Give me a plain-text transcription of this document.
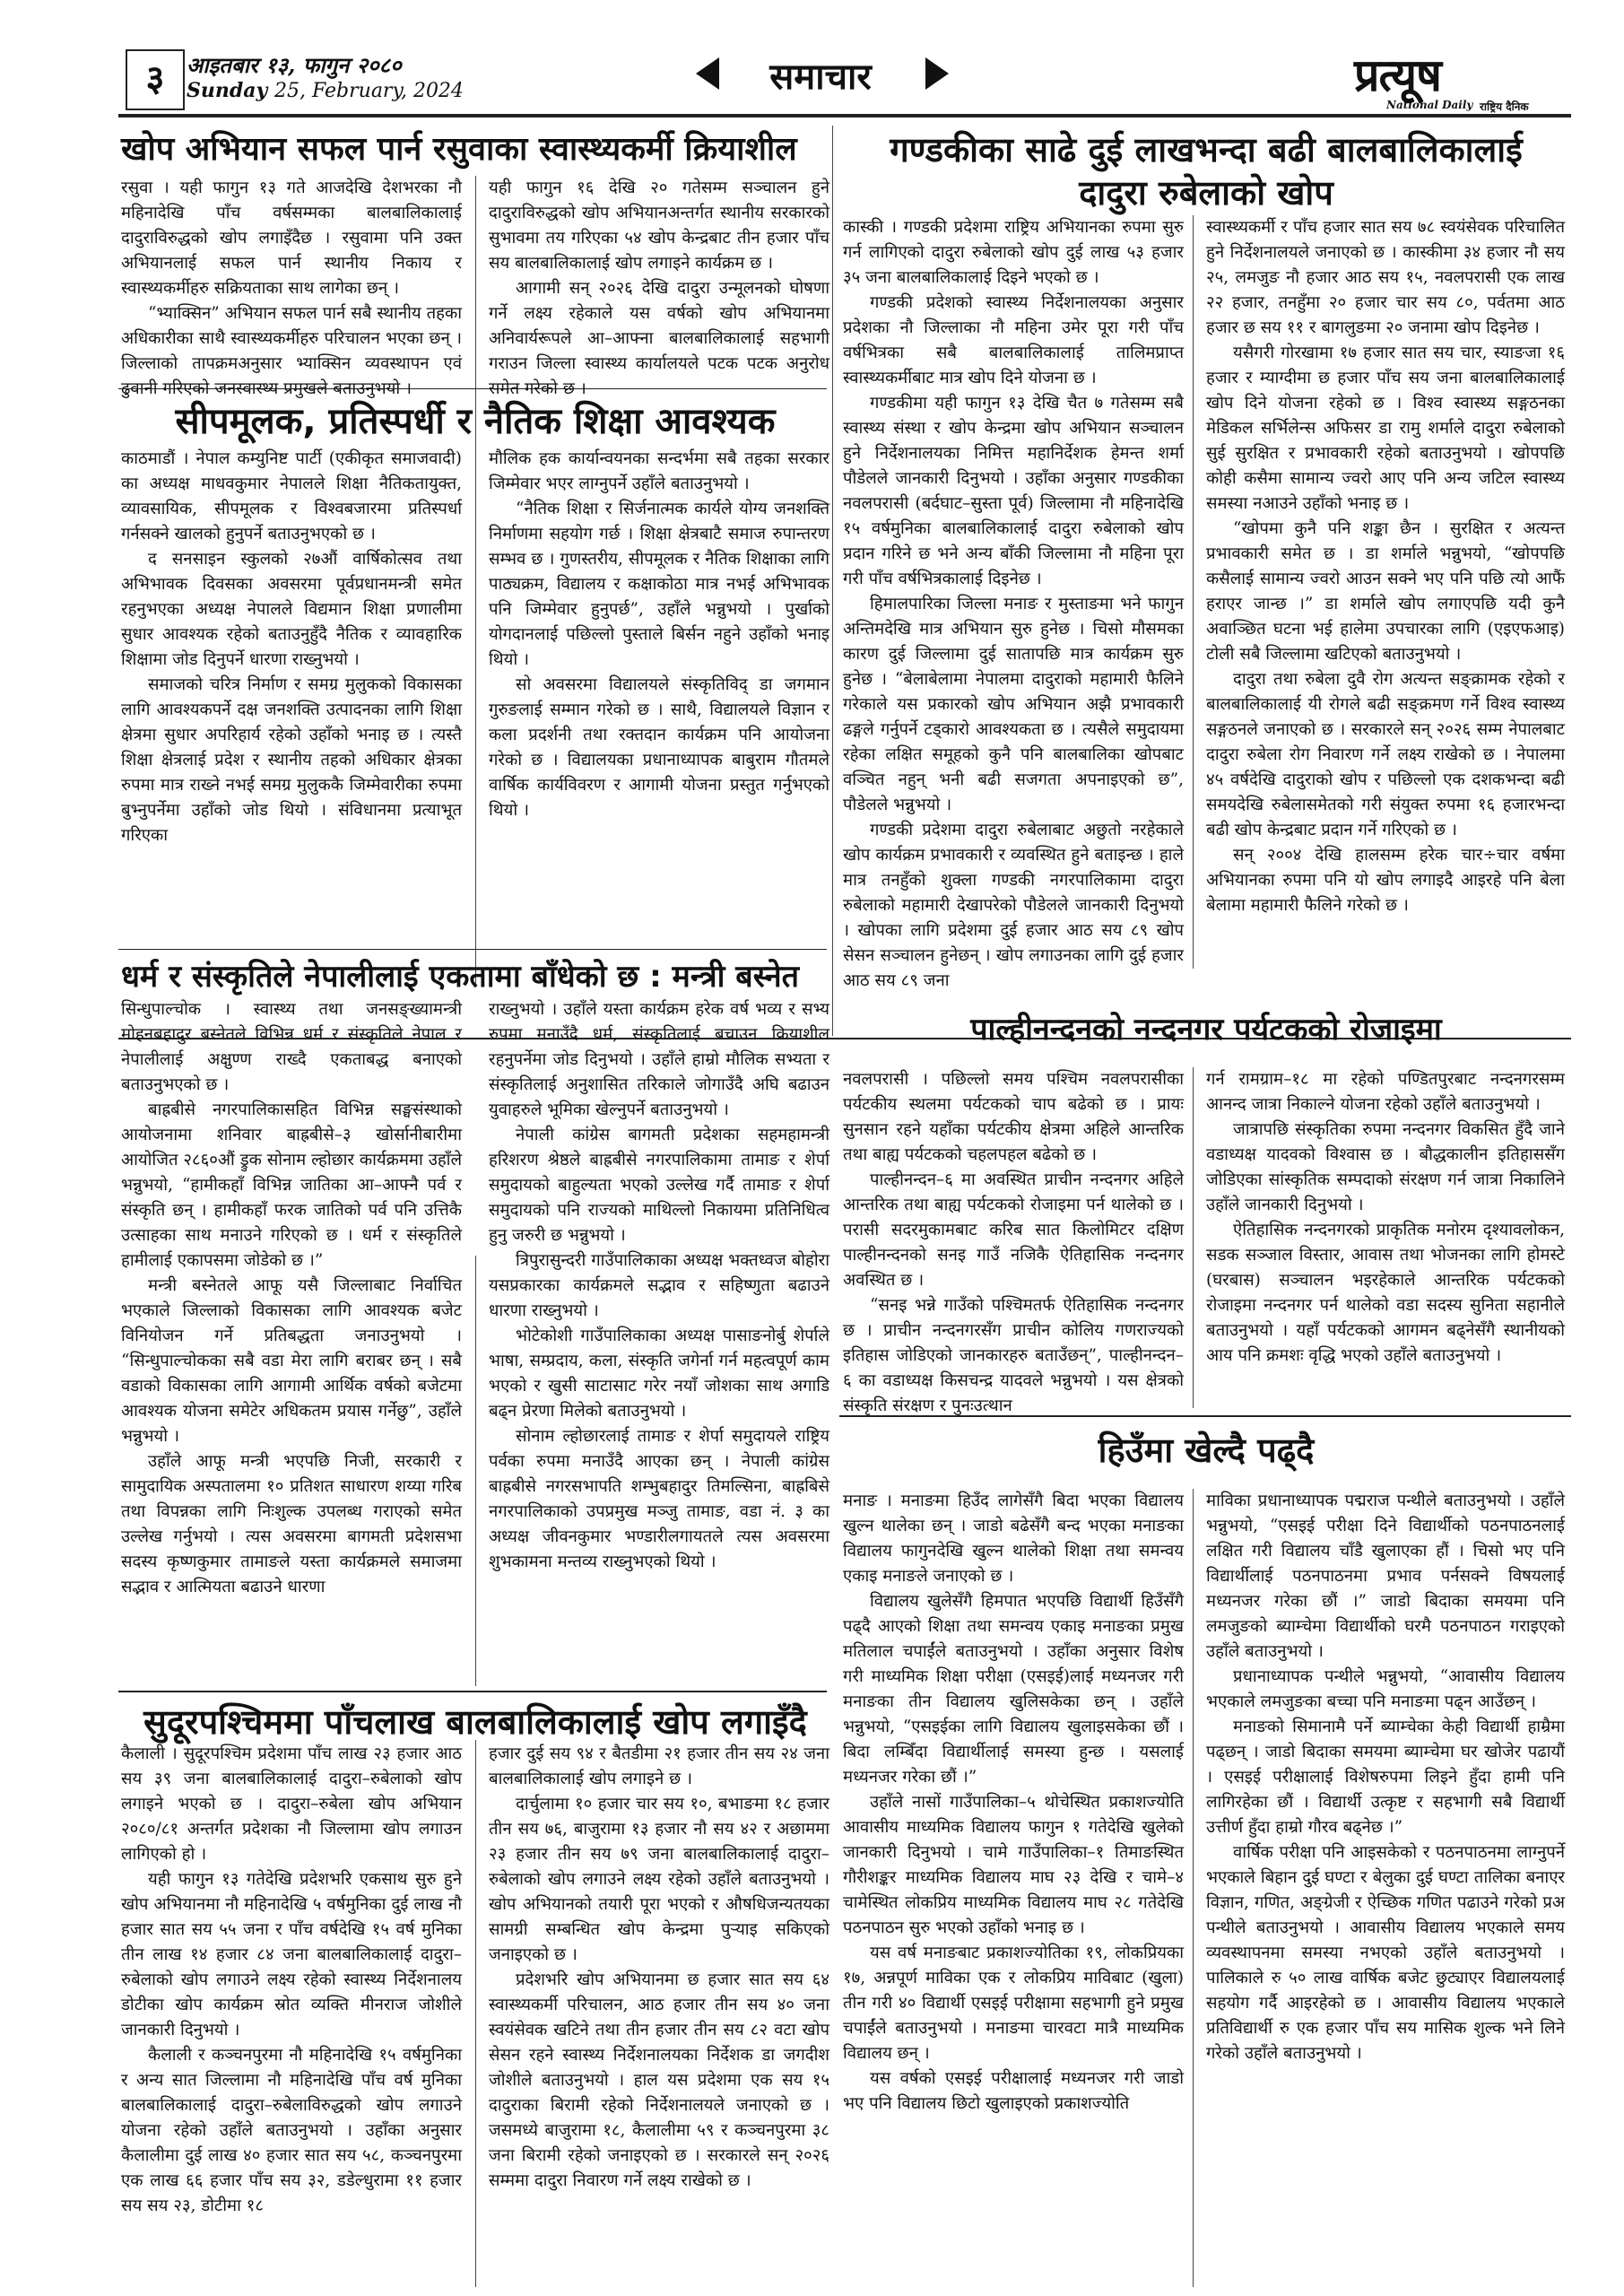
३	आइतबार १३, फागुन २०८०
Sunday 25, February, 2024	समाचार	प्रत्यूष
National Daily राष्ट्रिय दैनिक
खोप अभियान सफल पार्न रसुवाका स्वास्थ्यकर्मी क्रियाशील

रसुवा । यही फागुन १३ गते आजदेखि देशभरका नौ महिनादेखि पाँच वर्षसम्मका बालबालिकालाई दादुराविरुद्धको खोप लगाइँदैछ । रसुवामा पनि उक्त अभियानलाई सफल पार्न स्थानीय निकाय र स्वास्थ्यकर्मीहरु सक्रियताका साथ लागेका छन् ।

“भ्याक्सिन” अभियान सफल पार्न सबै स्थानीय तहका अधिकारीका साथै स्वास्थ्यकर्मीहरु परिचालन भएका छन् । जिल्लाको तापक्रमअनुसार भ्याक्सिन व्यवस्थापन एवं ढुवानी गरिएको जनस्वास्थ्य प्रमुखले बताउनुभयो ।

यही फागुन १६ देखि २० गतेसम्म सञ्चालन हुने दादुराविरुद्धको खोप अभियानअन्तर्गत स्थानीय सरकारको सुभावमा तय गरिएका ५४ खोप केन्द्रबाट तीन हजार पाँच सय बालबालिकालाई खोप लगाइने कार्यक्रम छ ।

आगामी सन् २०२६ देखि दादुरा उन्मूलनको घोषणा गर्ने लक्ष्य रहेकाले यस वर्षको खोप अभियानमा अनिवार्यरूपले आ–आफ्ना बालबालिकालाई सहभागी गराउन जिल्ला स्वास्थ्य कार्यालयले पटक पटक अनुरोध समेत गरेको छ ।

सीपमूलक, प्रतिस्पर्धी र नैतिक शिक्षा आवश्यक

काठमाडौं । नेपाल कम्युनिष्ट पार्टी (एकीकृत समाजवादी) का अध्यक्ष माधवकुमार नेपालले शिक्षा नैतिकतायुक्त, व्यावसायिक, सीपमूलक र विश्वबजारमा प्रतिस्पर्धा गर्नसक्ने खालको हुनुपर्ने बताउनुभएको छ ।

द सनसाइन स्कुलको २७औं वार्षिकोत्सव तथा अभिभावक दिवसका अवसरमा पूर्वप्रधानमन्त्री समेत रहनुभएका अध्यक्ष नेपालले विद्यमान शिक्षा प्रणालीमा सुधार आवश्यक रहेको बताउनुहुँदै नैतिक र व्यावहारिक शिक्षामा जोड दिनुपर्ने धारणा राख्नुभयो ।

समाजको चरित्र निर्माण र समग्र मुलुकको विकासका लागि आवश्यकपर्ने दक्ष जनशक्ति उत्पादनका लागि शिक्षा क्षेत्रमा सुधार अपरिहार्य रहेको उहाँको भनाइ छ । त्यस्तै शिक्षा क्षेत्रलाई प्रदेश र स्थानीय तहको अधिकार क्षेत्रका रुपमा मात्र राख्ने नभई समग्र मुलुककै जिम्मेवारीका रुपमा बुभ्नुपर्नेमा उहाँको जोड थियो । संविधानमा प्रत्याभूत गरिएका

मौलिक हक कार्यान्वयनका सन्दर्भमा सबै तहका सरकार जिम्मेवार भएर लाग्नुपर्ने उहाँले बताउनुभयो ।

“नैतिक शिक्षा र सिर्जनात्मक कार्यले योग्य जनशक्ति निर्माणमा सहयोग गर्छ । शिक्षा क्षेत्रबाटै समाज रुपान्तरण सम्भव छ । गुणस्तरीय, सीपमूलक र नैतिक शिक्षाका लागि पाठ्यक्रम, विद्यालय र कक्षाकोठा मात्र नभई अभिभावक पनि जिम्मेवार हुनुपर्छ”, उहाँले भन्नुभयो । पुर्खाको योगदानलाई पछिल्लो पुस्ताले बिर्सन नहुने उहाँको भनाइ थियो ।

सो अवसरमा विद्यालयले संस्कृतिविद् डा जगमान गुरुङलाई सम्मान गरेको छ । साथै, विद्यालयले विज्ञान र कला प्रदर्शनी तथा रक्तदान कार्यक्रम पनि आयोजना गरेको छ । विद्यालयका प्रधानाध्यापक बाबुराम गौतमले वार्षिक कार्यविवरण र आगामी योजना प्रस्तुत गर्नुभएको थियो ।

धर्म र संस्कृतिले नेपालीलाई एकतामा बाँधेको छ : मन्त्री बस्नेत

सिन्धुपाल्चोक । स्वास्थ्य तथा जनसङ्ख्यामन्त्री मोहनबहादुर बस्नेतले विभिन्न धर्म र संस्कृतिले नेपाल र नेपालीलाई अक्षुण्ण राख्दै एकताबद्ध बनाएको बताउनुभएको छ ।

बाह्रबीसे नगरपालिकासहित विभिन्न सङ्घसंस्थाको आयोजनामा शनिवार बाह्रबीसे–३ खोर्सानीबारीमा आयोजित २८६०औं ड्रुक सोनाम ल्होछार कार्यक्रममा उहाँले भन्नुभयो, “हामीकहाँ विभिन्न जातिका आ–आफ्नै पर्व र संस्कृति छन् । हामीकहाँ फरक जातिको पर्व पनि उत्तिकै उत्साहका साथ मनाउने गरिएको छ । धर्म र संस्कृतिले हामीलाई एकापसमा जोडेको छ ।”

मन्त्री बस्नेतले आफू यसै जिल्लाबाट निर्वाचित भएकाले जिल्लाको विकासका लागि आवश्यक बजेट विनियोजन गर्ने प्रतिबद्धता जनाउनुभयो । “सिन्धुपाल्चोकका सबै वडा मेरा लागि बराबर छन् । सबै वडाको विकासका लागि आगामी आर्थिक वर्षको बजेटमा आवश्यक योजना समेटेर अधिकतम प्रयास गर्नेछु”, उहाँले भन्नुभयो ।

उहाँले आफू मन्त्री भएपछि निजी, सरकारी र सामुदायिक अस्पतालमा १० प्रतिशत साधारण शय्या गरिब तथा विपन्नका लागि निःशुल्क उपलब्ध गराएको समेत उल्लेख गर्नुभयो । त्यस अवसरमा बागमती प्रदेशसभा सदस्य कृष्णकुमार तामाङले यस्ता कार्यक्रमले समाजमा सद्भाव र आत्मियता बढाउने धारणा

राख्नुभयो । उहाँले यस्ता कार्यक्रम हरेक वर्ष भव्य र सभ्य रुपमा मनाउँदै धर्म, संस्कृतिलाई बचाउन क्रियाशील रहनुपर्नेमा जोड दिनुभयो । उहाँले हाम्रो मौलिक सभ्यता र संस्कृतिलाई अनुशासित तरिकाले जोगाउँदै अघि बढाउन युवाहरुले भूमिका खेल्नुपर्ने बताउनुभयो ।

नेपाली कांग्रेस बागमती प्रदेशका सहमहामन्त्री हरिशरण श्रेष्ठले बाह्रबीसे नगरपालिकामा तामाङ र शेर्पा समुदायको बाहुल्यता भएको उल्लेख गर्दै तामाङ र शेर्पा समुदायको पनि राज्यको माथिल्लो निकायमा प्रतिनिधित्व हुनु जरुरी छ भन्नुभयो ।

त्रिपुरासुन्दरी गाउँपालिकाका अध्यक्ष भक्तध्वज बोहोरा यसप्रकारका कार्यक्रमले सद्भाव र सहिष्णुता बढाउने धारणा राख्नुभयो ।

भोटेकोशी गाउँपालिकाका अध्यक्ष पासाङनोर्बु शेर्पाले भाषा, सम्प्रदाय, कला, संस्कृति जगेर्ना गर्न महत्वपूर्ण काम भएको र खुसी साटासाट गरेर नयाँ जोशका साथ अगाडि बढ्न प्रेरणा मिलेको बताउनुभयो ।

सोनाम ल्होछारलाई तामाङ र शेर्पा समुदायले राष्ट्रिय पर्वका रुपमा मनाउँदै आएका छन् । नेपाली कांग्रेस बाह्रबीसे नगरसभापति शम्भुबहादुर तिमल्सिना, बाह्रबिसे नगरपालिकाको उपप्रमुख मञ्जु तामाङ, वडा नं. ३ का अध्यक्ष जीवनकुमार भण्डारीलगायतले त्यस अवसरमा शुभकामना मन्तव्य राख्नुभएको थियो ।

सुदूरपश्चिममा पाँचलाख बालबालिकालाई खोप लगाइँदै

कैलाली । सुदूरपश्चिम प्रदेशमा पाँच लाख २३ हजार आठ सय ३९ जना बालबालिकालाई दादुरा–रुबेलाको खोप लगाइने भएको छ । दादुरा–रुबेला खोप अभियान २०८०/८१ अन्तर्गत प्रदेशका नौ जिल्लामा खोप लगाउन लागिएको हो ।

यही फागुन १३ गतेदेखि प्रदेशभरि एकसाथ सुरु हुने खोप अभियानमा नौ महिनादेखि ५ वर्षमुनिका दुई लाख नौ हजार सात सय ५५ जना र पाँच वर्षदेखि १५ वर्ष मुनिका तीन लाख १४ हजार ८४ जना बालबालिकालाई दादुरा–रुबेलाको खोप लगाउने लक्ष्य रहेको स्वास्थ्य निर्देशनालय डोटीका खोप कार्यक्रम स्रोत व्यक्ति मीनराज जोशीले जानकारी दिनुभयो ।

कैलाली र कञ्चनपुरमा नौ महिनादेखि १५ वर्षमुनिका र अन्य सात जिल्लामा नौ महिनादेखि पाँच वर्ष मुनिका बालबालिकालाई दादुरा–रुबेलाविरुद्धको खोप लगाउने योजना रहेको उहाँले बताउनुभयो । उहाँका अनुसार कैलालीमा दुई लाख ४० हजार सात सय ५८, कञ्चनपुरमा एक लाख ६६ हजार पाँच सय ३२, डडेल्धुरामा ११ हजार सय सय २३, डोटीमा १८

हजार दुई सय ९४ र बैतडीमा २१ हजार तीन सय २४ जना बालबालिकालाई खोप लगाइने छ ।

दार्चुलामा १० हजार चार सय १०, बभाङमा १८ हजार तीन सय ७६, बाजुरामा १३ हजार नौ सय ४२ र अछाममा २३ हजार तीन सय ७९ जना बालबालिकालाई दादुरा–रुबेलाको खोप लगाउने लक्ष्य रहेको उहाँले बताउनुभयो । खोप अभियानको तयारी पूरा भएको र औषधिजन्यतयका सामग्री सम्बन्धित खोप केन्द्रमा पुऱ्याइ सकिएको जनाइएको छ ।

प्रदेशभरि खोप अभियानमा छ हजार सात सय ६४ स्वास्थ्यकर्मी परिचालन, आठ हजार तीन सय ४० जना स्वयंसेवक खटिने तथा तीन हजार तीन सय ८२ वटा खोप सेसन रहने स्वास्थ्य निर्देशनालयका निर्देशक डा जगदीश जोशीले बताउनुभयो । हाल यस प्रदेशमा एक सय १५ दादुराका बिरामी रहेको निर्देशनालयले जनाएको छ । जसमध्ये बाजुरामा १८, कैलालीमा ५९ र कञ्चनपुरमा ३८ जना बिरामी रहेको जनाइएको छ । सरकारले सन् २०२६ सम्ममा दादुरा निवारण गर्ने लक्ष्य राखेको छ ।

गण्डकीका साढे दुई लाखभन्दा बढी बालबालिकालाई
दादुरा रुबेलाको खोप

कास्की । गण्डकी प्रदेशमा राष्ट्रिय अभियानका रुपमा सुरु गर्न लागिएको दादुरा रुबेलाको खोप दुई लाख ५३ हजार ३५ जना बालबालिकालाई दिइने भएको छ ।

गण्डकी प्रदेशको स्वास्थ्य निर्देशनालयका अनुसार प्रदेशका नौ जिल्लाका नौ महिना उमेर पूरा गरी पाँच वर्षभित्रका सबै बालबालिकालाई तालिमप्राप्त स्वास्थ्यकर्मीबाट मात्र खोप दिने योजना छ ।

गण्डकीमा यही फागुन १३ देखि चैत ७ गतेसम्म सबै स्वास्थ्य संस्था र खोप केन्द्रमा खोप अभियान सञ्चालन हुने निर्देशनालयका निमित्त महानिर्देशक हेमन्त शर्मा पौडेलले जानकारी दिनुभयो । उहाँका अनुसार गण्डकीका नवलपरासी (बर्दघाट–सुस्ता पूर्व) जिल्लामा नौ महिनादेखि १५ वर्षमुनिका बालबालिकालाई दादुरा रुबेलाको खोप प्रदान गरिने छ भने अन्य बाँकी जिल्लामा नौ महिना पूरा गरी पाँच वर्षभित्रकालाई दिइनेछ ।

हिमालपारिका जिल्ला मनाङ र मुस्ताङमा भने फागुन अन्तिमदेखि मात्र अभियान सुरु हुनेछ । चिसो मौसमका कारण दुई जिल्लामा दुई सातापछि मात्र कार्यक्रम सुरु हुनेछ । “बेलाबेलामा नेपालमा दादुराको महामारी फैलिने गरेकाले यस प्रकारको खोप अभियान अझै प्रभावकारी ढङ्गले गर्नुपर्ने टड्कारो आवश्यकता छ । त्यसैले समुदायमा रहेका लक्षित समूहको कुनै पनि बालबालिका खोपबाट वञ्चित नहुन् भनी बढी सजगता अपनाइएको छ”, पौडेलले भन्नुभयो ।

गण्डकी प्रदेशमा दादुरा रुबेलाबाट अछुतो नरहेकाले खोप कार्यक्रम प्रभावकारी र व्यवस्थित हुने बताइन्छ । हाले मात्र तनहुँको शुक्ला गण्डकी नगरपालिकामा दादुरा रुबेलाको महामारी देखापरेको पौडेलले जानकारी दिनुभयो । खोपका लागि प्रदेशमा दुई हजार आठ सय ८९ खोप सेसन सञ्चालन हुनेछन् । खोप लगाउनका लागि दुई हजार आठ सय ८९ जना

स्वास्थ्यकर्मी र पाँच हजार सात सय ७८ स्वयंसेवक परिचालित हुने निर्देशनालयले जनाएको छ । कास्कीमा ३४ हजार नौ सय २५, लमजुङ नौ हजार आठ सय १५, नवलपरासी एक लाख २२ हजार, तनहुँमा २० हजार चार सय ८०, पर्वतमा आठ हजार छ सय ११ र बागलुङमा २० जनामा खोप दिइनेछ ।

यसैगरी गोरखामा १७ हजार सात सय चार, स्याङजा १६ हजार र म्याग्दीमा छ हजार पाँच सय जना बालबालिकालाई खोप दिने योजना रहेको छ । विश्व स्वास्थ्य सङ्गठनका मेडिकल सर्भिलेन्स अफिसर डा रामु शर्माले दादुरा रुबेलाको सुई सुरक्षित र प्रभावकारी रहेको बताउनुभयो । खोपपछि कोही कसैमा सामान्य ज्वरो आए पनि अन्य जटिल स्वास्थ्य समस्या नआउने उहाँको भनाइ छ ।

“खोपमा कुनै पनि शङ्का छैन । सुरक्षित र अत्यन्त प्रभावकारी समेत छ । डा शर्माले भन्नुभयो, “खोपपछि कसैलाई सामान्य ज्वरो आउन सक्ने भए पनि पछि त्यो आफैं हराएर जान्छ ।” डा शर्माले खोप लगाएपछि यदी कुनै अवाञ्छित घटना भई हालेमा उपचारका लागि (एइएफआइ) टोली सबै जिल्लामा खटिएको बताउनुभयो ।

दादुरा तथा रुबेला दुवै रोग अत्यन्त सङ्क्रामक रहेको र बालबालिकालाई यी रोगले बढी सङ्क्रमण गर्ने विश्व स्वास्थ्य सङ्गठनले जनाएको छ । सरकारले सन् २०२६ सम्म नेपालबाट दादुरा रुबेला रोग निवारण गर्ने लक्ष्य राखेको छ । नेपालमा ४५ वर्षदेखि दादुराको खोप र पछिल्लो एक दशकभन्दा बढी समयदेखि रुबेलासमेतको गरी संयुक्त रुपमा १६ हजारभन्दा बढी खोप केन्द्रबाट प्रदान गर्ने गरिएको छ ।

सन् २००४ देखि हालसम्म हरेक चार÷चार वर्षमा अभियानका रुपमा पनि यो खोप लगाइदै आइरहे पनि बेला बेलामा महामारी फैलिने गरेको छ ।

पाल्हीनन्दनको नन्दनगर पर्यटकको रोजाइमा

नवलपरासी । पछिल्लो समय पश्चिम नवलपरासीका पर्यटकीय स्थलमा पर्यटकको चाप बढेको छ । प्रायः सुनसान रहने यहाँका पर्यटकीय क्षेत्रमा अहिले आन्तरिक तथा बाह्य पर्यटकको चहलपहल बढेको छ ।

पाल्हीनन्दन–६ मा अवस्थित प्राचीन नन्दनगर अहिले आन्तरिक तथा बाह्य पर्यटकको रोजाइमा पर्न थालेको छ । परासी सदरमुकामबाट करिब सात किलोमिटर दक्षिण पाल्हीनन्दनको सनइ गाउँ नजिकै ऐतिहासिक नन्दनगर अवस्थित छ ।

“सनइ भन्ने गाउँको पश्चिमतर्फ ऐतिहासिक नन्दनगर छ । प्राचीन नन्दनगरसँग प्राचीन कोलिय गणराज्यको इतिहास जोडिएको जानकारहरु बताउँछन्”, पाल्हीनन्दन–६ का वडाध्यक्ष किसचन्द्र यादवले भन्नुभयो । यस क्षेत्रको संस्कृति संरक्षण र पुनःउत्थान

गर्न रामग्राम–१८ मा रहेको पण्डितपुरबाट नन्दनगरसम्म आनन्द जात्रा निकाल्ने योजना रहेको उहाँले बताउनुभयो ।

जात्रापछि संस्कृतिका रुपमा नन्दनगर विकसित हुँदै जाने वडाध्यक्ष यादवको विश्वास छ । बौद्धकालीन इतिहाससँग जोडिएका सांस्कृतिक सम्पदाको संरक्षण गर्न जात्रा निकालिने उहाँले जानकारी दिनुभयो ।

ऐतिहासिक नन्दनगरको प्राकृतिक मनोरम दृश्यावलोकन, सडक सञ्जाल विस्तार, आवास तथा भोजनका लागि होमस्टे (घरबास) सञ्चालन भइरहेकाले आन्तरिक पर्यटकको रोजाइमा नन्दनगर पर्न थालेको वडा सदस्य सुनिता सहानीले बताउनुभयो । यहाँ पर्यटकको आगमन बढ्नेसँगै स्थानीयको आय पनि क्रमशः वृद्धि भएको उहाँले बताउनुभयो ।

हिउँमा खेल्दै पढ्दै

मनाङ । मनाङमा हिउँद लागेसँगै बिदा भएका विद्यालय खुल्न थालेका छन् । जाडो बढेसँगै बन्द भएका मनाङका विद्यालय फागुनदेखि खुल्न थालेको शिक्षा तथा समन्वय एकाइ मनाङले जनाएको छ ।

विद्यालय खुलेसँगै हिमपात भएपछि विद्यार्थी हिउँसँगै पढ्दै आएको शिक्षा तथा समन्वय एकाइ मनाङका प्रमुख मतिलाल चपाईंले बताउनुभयो । उहाँका अनुसार विशेष गरी माध्यमिक शिक्षा परीक्षा (एसइई)लाई मध्यनजर गरी मनाङका तीन विद्यालय खुलिसकेका छन् । उहाँले भन्नुभयो, “एसइईका लागि विद्यालय खुलाइसकेका छौं । बिदा लम्बिँदा विद्यार्थीलाई समस्या हुन्छ । यसलाई मध्यनजर गरेका छौं ।”

उहाँले नासों गाउँपालिका–५ थोचेस्थित प्रकाशज्योति आवासीय माध्यमिक विद्यालय फागुन १ गतेदेखि खुलेको जानकारी दिनुभयो । चामे गाउँपालिका–१ तिमाङस्थित गौरीशङ्कर माध्यमिक विद्यालय माघ २३ देखि र चामे–४ चामेस्थित लोकप्रिय माध्यमिक विद्यालय माघ २८ गतेदेखि पठनपाठन सुरु भएको उहाँको भनाइ छ ।

यस वर्ष मनाङबाट प्रकाशज्योतिका १९, लोकप्रियका १७, अन्नपूर्ण माविका एक र लोकप्रिय माविबाट (खुला) तीन गरी ४० विद्यार्थी एसइई परीक्षामा सहभागी हुने प्रमुख चपाईंले बताउनुभयो । मनाङमा चारवटा मात्रै माध्यमिक विद्यालय छन् ।

यस वर्षको एसइई परीक्षालाई मध्यनजर गरी जाडो भए पनि विद्यालय छिटो खुलाइएको प्रकाशज्योति

माविका प्रधानाध्यापक पद्मराज पन्थीले बताउनुभयो । उहाँले भन्नुभयो, “एसइई परीक्षा दिने विद्यार्थीको पठनपाठनलाई लक्षित गरी विद्यालय चाँडै खुलाएका हौं । चिसो भए पनि विद्यार्थीलाई पठनपाठनमा प्रभाव पर्नसक्ने विषयलाई मध्यनजर गरेका छौं ।” जाडो बिदाका समयमा पनि लमजुङको ब्याम्चेमा विद्यार्थीको घरमै पठनपाठन गराइएको उहाँले बताउनुभयो ।

प्रधानाध्यापक पन्थीले भन्नुभयो, “आवासीय विद्यालय भएकाले लमजुङका बच्चा पनि मनाङमा पढ्न आउँछन् ।

मनाङको सिमानामै पर्ने ब्याम्चेका केही विद्यार्थी हाम्रैमा पढ्छन् । जाडो बिदाका समयमा ब्याम्चेमा घर खोजेर पढायौं । एसइई परीक्षालाई विशेषरुपमा लिइने हुँदा हामी पनि लागिरहेका छौं । विद्यार्थी उत्कृष्ट र सहभागी सबै विद्यार्थी उत्तीर्ण हुँदा हाम्रो गौरव बढ्नेछ ।”

वार्षिक परीक्षा पनि आइसकेको र पठनपाठनमा लाग्नुपर्ने भएकाले बिहान दुई घण्टा र बेलुका दुई घण्टा तालिका बनाएर विज्ञान, गणित, अङ्ग्रेजी र ऐच्छिक गणित पढाउने गरेको प्रअ पन्थीले बताउनुभयो । आवासीय विद्यालय भएकाले समय व्यवस्थापनमा समस्या नभएको उहाँले बताउनुभयो । पालिकाले रु ५० लाख वार्षिक बजेट छुट्याएर विद्यालयलाई सहयोग गर्दै आइरहेको छ । आवासीय विद्यालय भएकाले प्रतिविद्यार्थी रु एक हजार पाँच सय मासिक शुल्क भने लिने गरेको उहाँले बताउनुभयो ।
